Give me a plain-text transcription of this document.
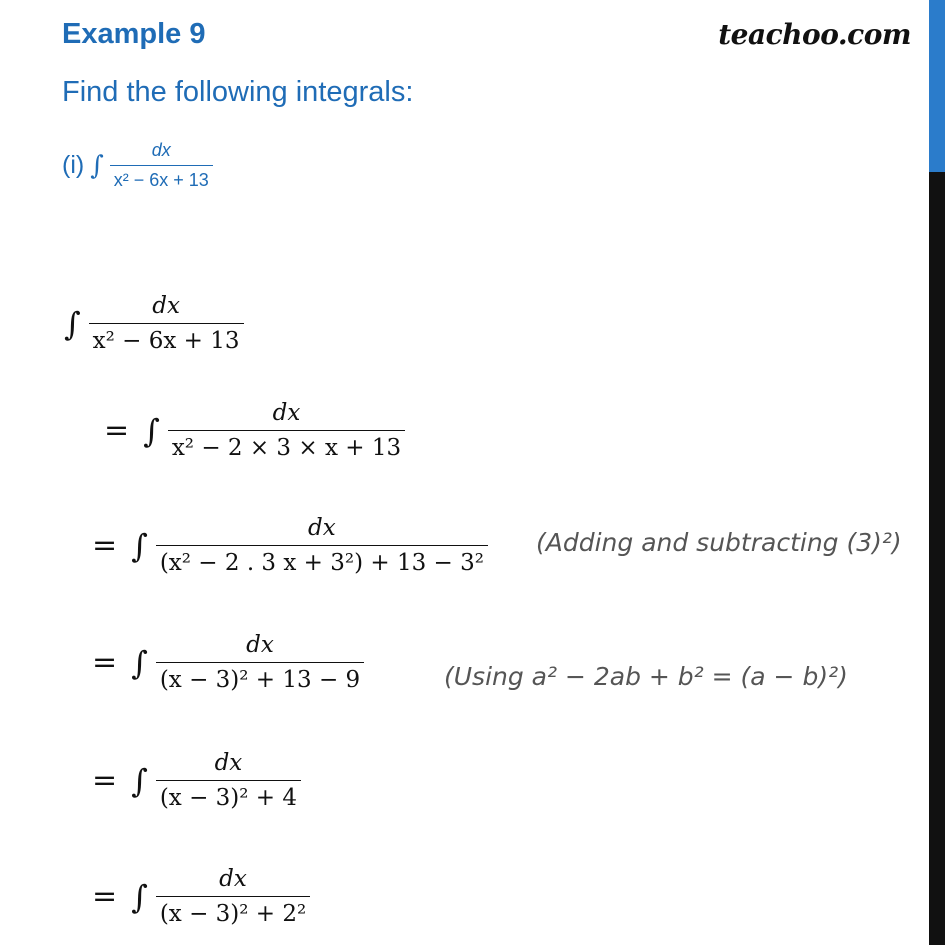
Example 9	teachoo.com
Find the following integrals:
(i) ∫ $\frac{dx}{\text{x² − 6x + 13}}$
∫ $\frac{dx}{\text{x² − 6x + 13}}$
= ∫ $\frac{dx}{\text{x² − 2 × 3 × x + 13}}$
= ∫ $\frac{dx}{\text{(x² − 2 . 3 x + 3²) + 13 − 3²}}$ (Adding and subtracting (3)²)
= ∫ $\frac{dx}{\text{(x − 3)² + 13 − 9}}$	(Using a² − 2ab + b² = (a − b)²)
= ∫ $\frac{dx}{\text{(x − 3)² + 4}}$
= ∫ $\frac{dx}{\text{(x − 3)² + 2²}}$
